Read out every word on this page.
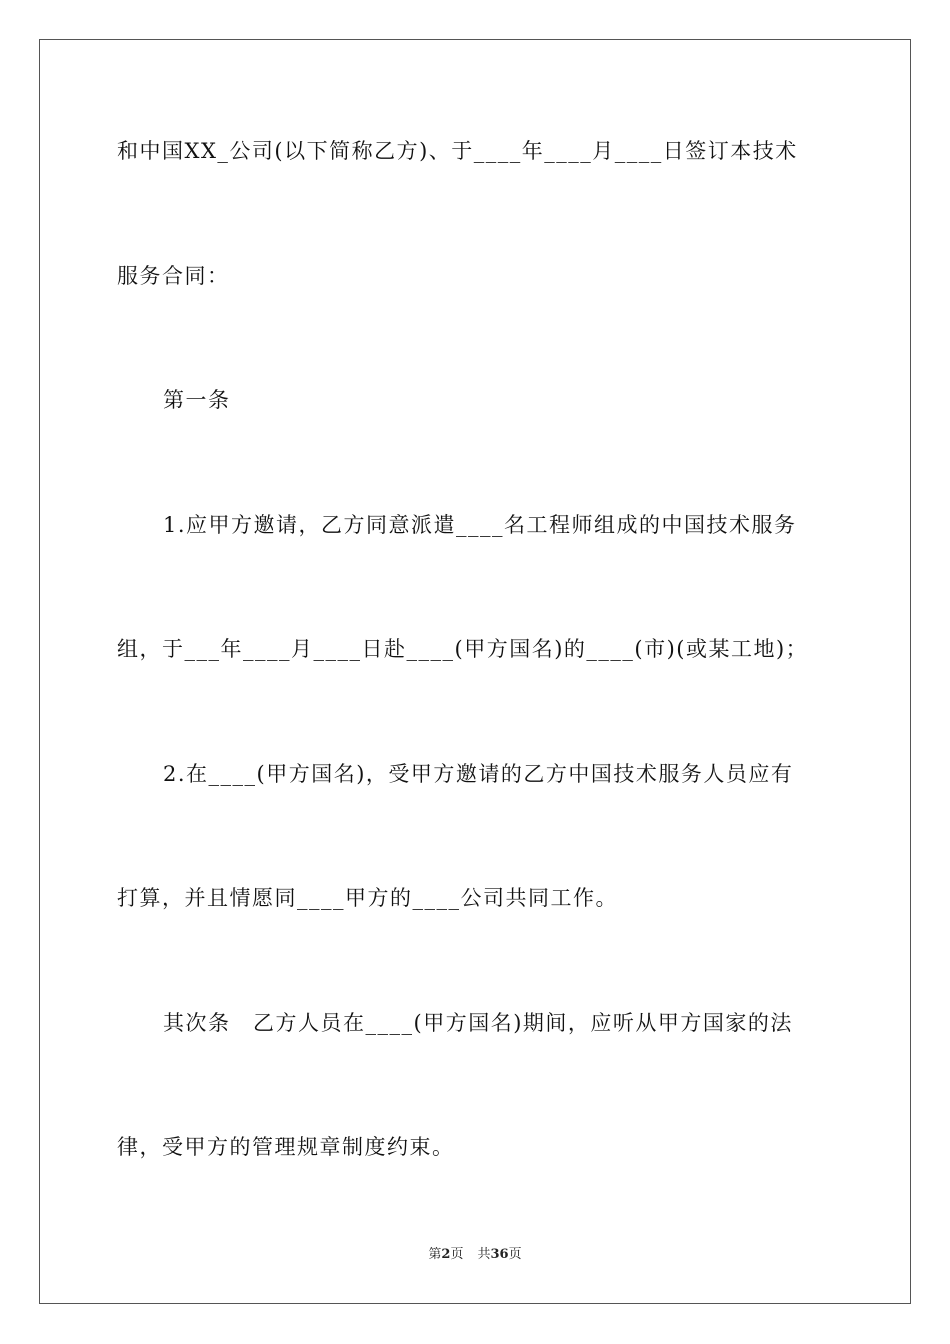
和中国XX_公司(以下简称乙方)、于____年____月____日签订本技术
服务合同：
第一条
1.应甲方邀请，乙方同意派遣____名工程师组成的中国技术服务
组，于___年____月____日赴____(甲方国名)的____(市)(或某工地)；
2.在____(甲方国名)，受甲方邀请的乙方中国技术服务人员应有
打算，并且情愿同____甲方的____公司共同工作。
其次条　乙方人员在____(甲方国名)期间，应听从甲方国家的法
律，受甲方的管理规章制度约束。
第2页 共36页
